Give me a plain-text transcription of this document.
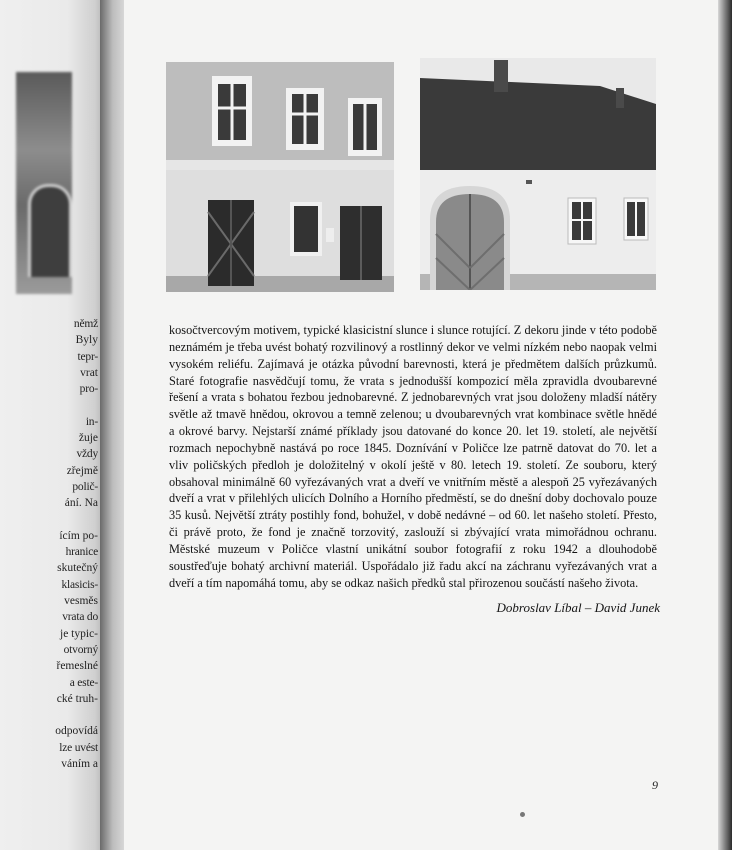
němž
Byly
tepr-
vrat
pro-

in-
žuje
vždy
zřejmě
polič-
ání. Na

ícím po-
hranice
skutečný
klasicis-
vesměs
vrata do
je typic-
otvorný
řemeslné
a este-
cké truh-

odpovídá
lze uvést
váním a

kosočtvercovým motivem, typické klasicistní slunce i slunce rotující. Z dekoru jinde v této podobě neznámém je třeba uvést bohatý rozvilinový a rostlinný dekor ve velmi nízkém nebo naopak velmi vysokém reliéfu. Zajímavá je otázka původní barevnosti, která je předmětem dalších průzkumů. Staré fotografie nasvědčují tomu, že vrata s jednodušší kompozicí měla zpravidla dvoubarevné řešení a vrata s bohatou řezbou jednobarevné. Z jednobarevných vrat jsou doloženy mladší nátěry světle až tmavě hnědou, okrovou a temně zelenou; u dvoubarevných vrat kombinace světle hnědé a okrové barvy. Nejstarší známé příklady jsou datované do konce 20. let 19. století, ale největší rozmach nepochybně nastává po roce 1845. Doznívání v Poličce lze patrně datovat do 70. let a vliv poličských předloh je doložitelný v okolí ještě v 80. letech 19. století. Ze souboru, který obsahoval minimálně 60 vyřezávaných vrat a dveří ve vnitřním městě a alespoň 25 vyřezávaných dveří a vrat v přilehlých ulicích Dolního a Horního předměstí, se do dnešní doby dochovalo pouze 35 kusů. Největší ztráty postihly fond, bohužel, v době nedávné – od 60. let našeho století. Přesto, či právě proto, že fond je značně torzovitý, zaslouží si zbývající vrata mimořádnou ochranu. Městské muzeum v Poličce vlastní unikátní soubor fotografií z roku 1942 a dlouhodobě soustřeďuje bohatý archivní materiál. Uspořádalo již řadu akcí na záchranu vyřezávaných vrat a dveří a tím napomáhá tomu, aby se odkaz našich předků stal přirozenou součástí našeho života.

Dobroslav Líbal – David Junek
9
